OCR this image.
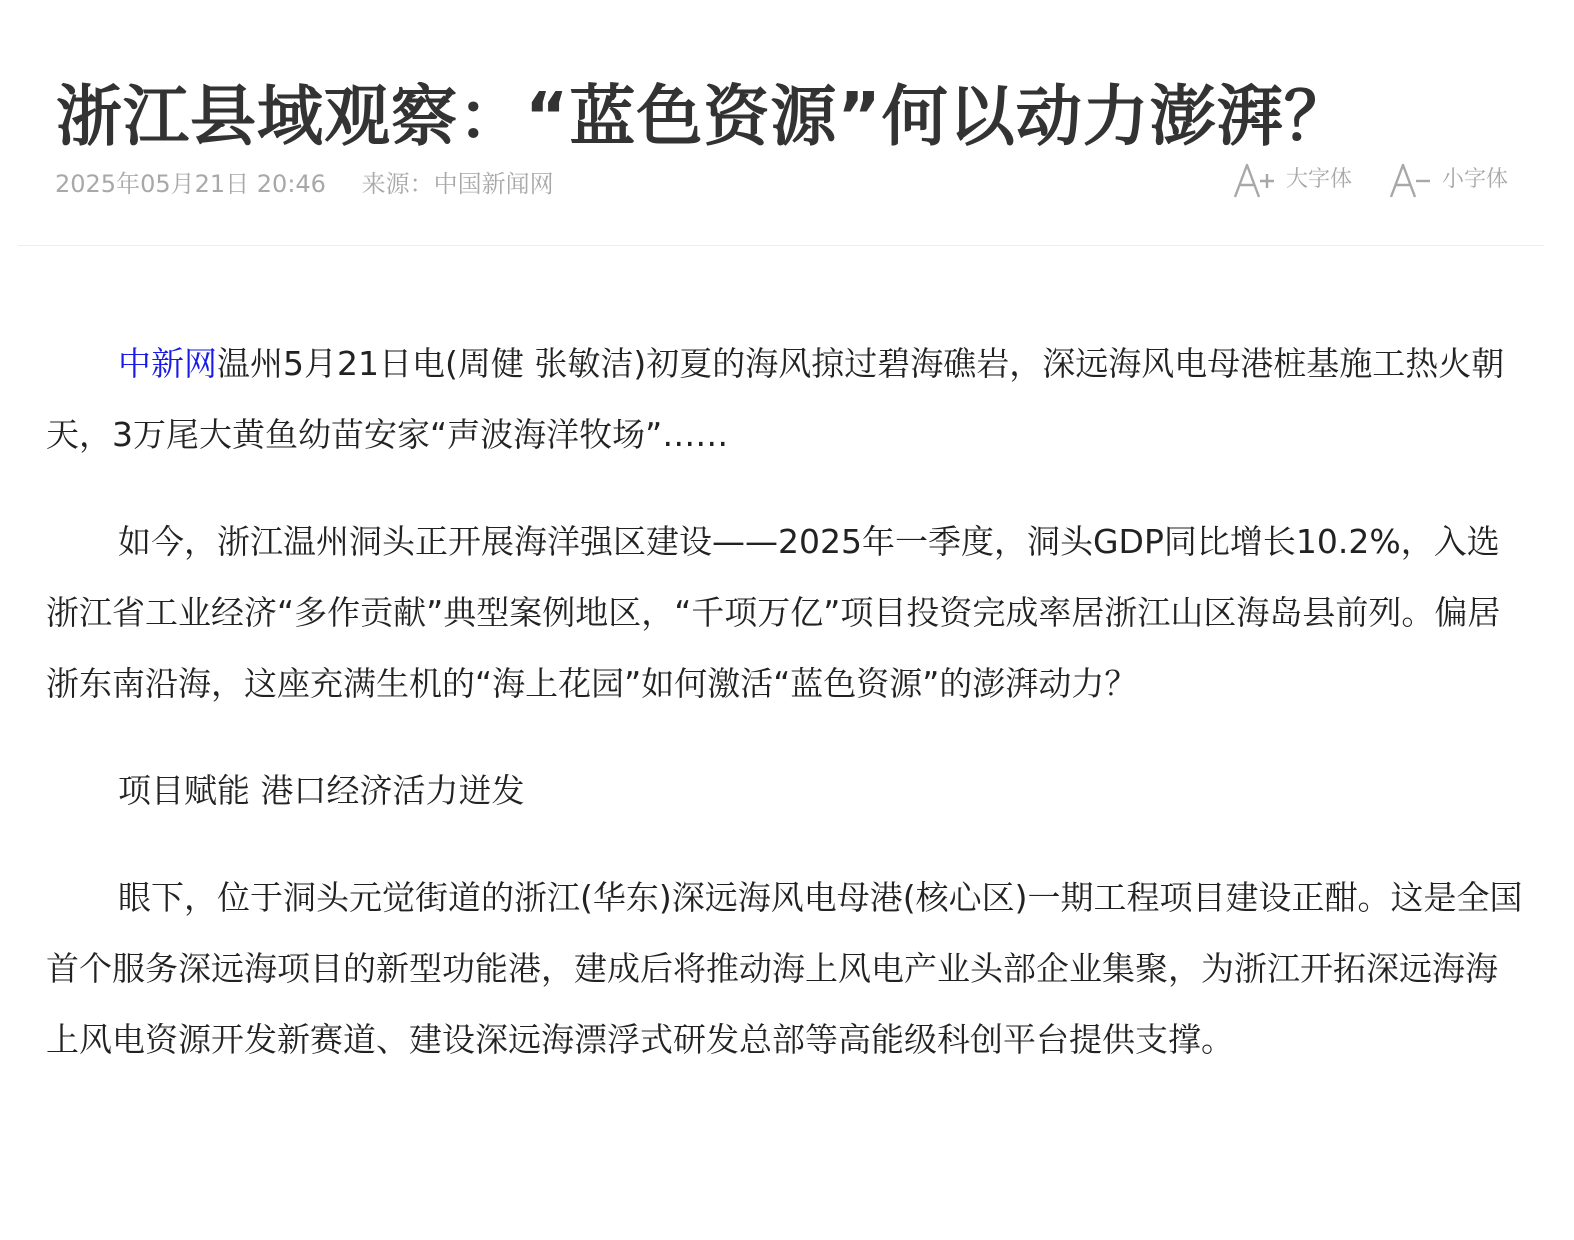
浙江县域观察：“蓝色资源”何以动力澎湃？
2025年05月21日 20:46 来源：中国新闻网	大字体	小字体

中新网温州5月21日电(周健 张敏洁)初夏的海风掠过碧海礁岩，深远海风电母港桩基施工热火朝天，3万尾大黄鱼幼苗安家“声波海洋牧场”……

如今，浙江温州洞头正开展海洋强区建设——2025年一季度，洞头GDP同比增长10.2%，入选浙江省工业经济“多作贡献”典型案例地区，“千项万亿”项目投资完成率居浙江山区海岛县前列。偏居浙东南沿海，这座充满生机的“海上花园”如何激活“蓝色资源”的澎湃动力？

项目赋能 港口经济活力迸发

眼下，位于洞头元觉街道的浙江(华东)深远海风电母港(核心区)一期工程项目建设正酣。这是全国首个服务深远海项目的新型功能港，建成后将推动海上风电产业头部企业集聚，为浙江开拓深远海海上风电资源开发新赛道、建设深远海漂浮式研发总部等高能级科创平台提供支撑。
